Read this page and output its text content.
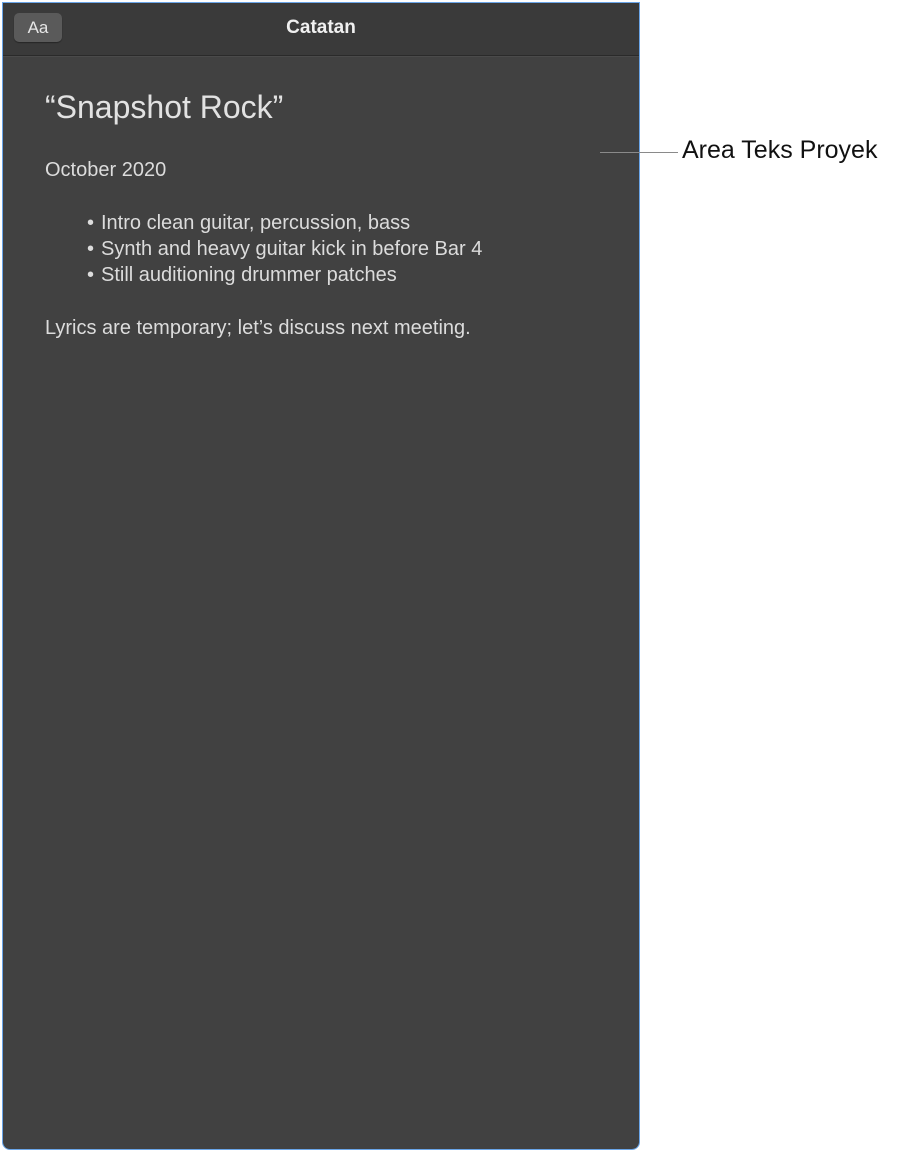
Aa	Catatan
“Snapshot Rock”
October 2020
• Intro clean guitar, percussion, bass
• Synth and heavy guitar kick in before Bar 4
• Still auditioning drummer patches
Lyrics are temporary; let’s discuss next meeting.
Area Teks Proyek
